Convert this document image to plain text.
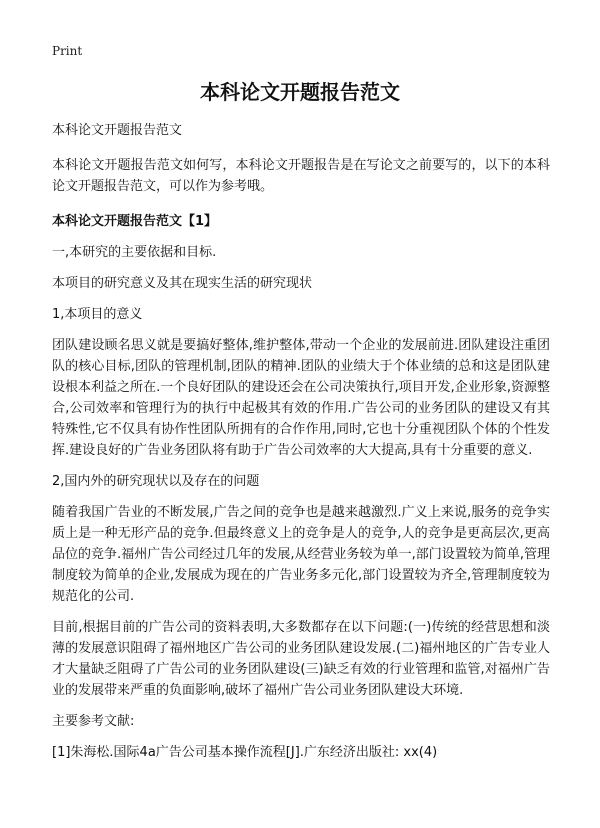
Print
本科论文开题报告范文

本科论文开题报告范文

本科论文开题报告范文如何写，本科论文开题报告是在写论文之前要写的，以下的本科论文开题报告范文，可以作为参考哦。

本科论文开题报告范文【1】

一,本研究的主要依据和目标.

本项目的研究意义及其在现实生活的研究现状

1,本项目的意义

团队建设顾名思义就是要搞好整体,维护整体,带动一个企业的发展前进.团队建设注重团队的核心目标,团队的管理机制,团队的精神.团队的业绩大于个体业绩的总和这是团队建设根本利益之所在.一个良好团队的建设还会在公司决策执行,项目开发,企业形象,资源整合,公司效率和管理行为的执行中起极其有效的作用.广告公司的业务团队的建设又有其特殊性,它不仅具有协作性团队所拥有的合作作用,同时,它也十分重视团队个体的个性发挥.建设良好的广告业务团队将有助于广告公司效率的大大提高,具有十分重要的意义.

2,国内外的研究现状以及存在的问题

随着我国广告业的不断发展,广告之间的竞争也是越来越激烈.广义上来说,服务的竞争实质上是一种无形产品的竞争.但最终意义上的竞争是人的竞争,人的竞争是更高层次,更高品位的竞争.福州广告公司经过几年的发展,从经营业务较为单一,部门设置较为简单,管理制度较为简单的企业,发展成为现在的广告业务多元化,部门设置较为齐全,管理制度较为规范化的公司.

目前,根据目前的广告公司的资料表明,大多数都存在以下问题:(一)传统的经营思想和淡薄的发展意识阻碍了福州地区广告公司的业务团队建设发展.(二)福州地区的广告专业人才大量缺乏阻碍了广告公司的业务团队建设(三)缺乏有效的行业管理和监管,对福州广告业的发展带来严重的负面影响,破坏了福州广告公司业务团队建设大环境.

主要参考文献:

[1]朱海松.国际4a广告公司基本操作流程[J].广东经济出版社: xx(4)
